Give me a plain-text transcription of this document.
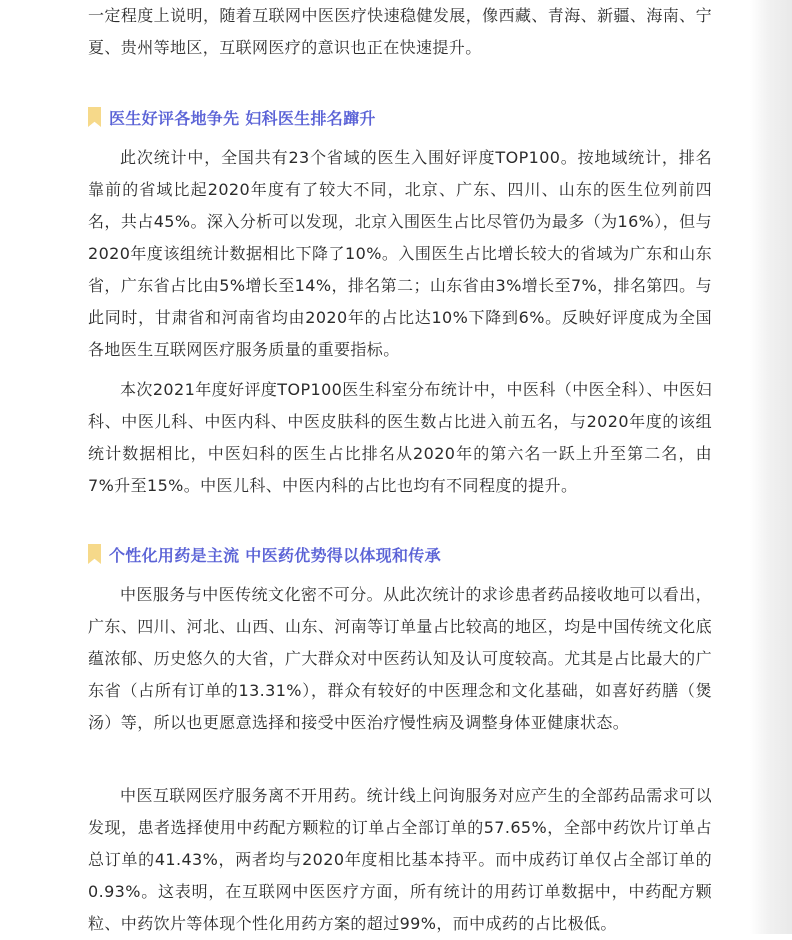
一定程度上说明，随着互联网中医医疗快速稳健发展，像西藏、青海、新疆、海南、宁夏、贵州等地区，互联网医疗的意识也正在快速提升。

医生好评各地争先 妇科医生排名蹿升

此次统计中，全国共有23个省域的医生入围好评度TOP100。按地域统计，排名靠前的省域比起2020年度有了较大不同，北京、广东、四川、山东的医生位列前四名，共占45%。深入分析可以发现，北京入围医生占比尽管仍为最多（为16%），但与2020年度该组统计数据相比下降了10%。入围医生占比增长较大的省域为广东和山东省，广东省占比由5%增长至14%，排名第二；山东省由3%增长至7%，排名第四。与此同时，甘肃省和河南省均由2020年的占比达10%下降到6%。反映好评度成为全国各地医生互联网医疗服务质量的重要指标。

本次2021年度好评度TOP100医生科室分布统计中，中医科（中医全科）、中医妇科、中医儿科、中医内科、中医皮肤科的医生数占比进入前五名，与2020年度的该组统计数据相比，中医妇科的医生占比排名从2020年的第六名一跃上升至第二名，由7%升至15%。中医儿科、中医内科的占比也均有不同程度的提升。

个性化用药是主流 中医药优势得以体现和传承

中医服务与中医传统文化密不可分。从此次统计的求诊患者药品接收地可以看出，广东、四川、河北、山西、山东、河南等订单量占比较高的地区，均是中国传统文化底蕴浓郁、历史悠久的大省，广大群众对中医药认知及认可度较高。尤其是占比最大的广东省（占所有订单的13.31%），群众有较好的中医理念和文化基础，如喜好药膳（煲汤）等，所以也更愿意选择和接受中医治疗慢性病及调整身体亚健康状态。

中医互联网医疗服务离不开用药。统计线上问询服务对应产生的全部药品需求可以发现，患者选择使用中药配方颗粒的订单占全部订单的57.65%，全部中药饮片订单占总订单的41.43%，两者均与2020年度相比基本持平。而中成药订单仅占全部订单的0.93%。这表明，在互联网中医医疗方面，所有统计的用药订单数据中，中药配方颗粒、中药饮片等体现个性化用药方案的超过99%，而中成药的占比极低。
